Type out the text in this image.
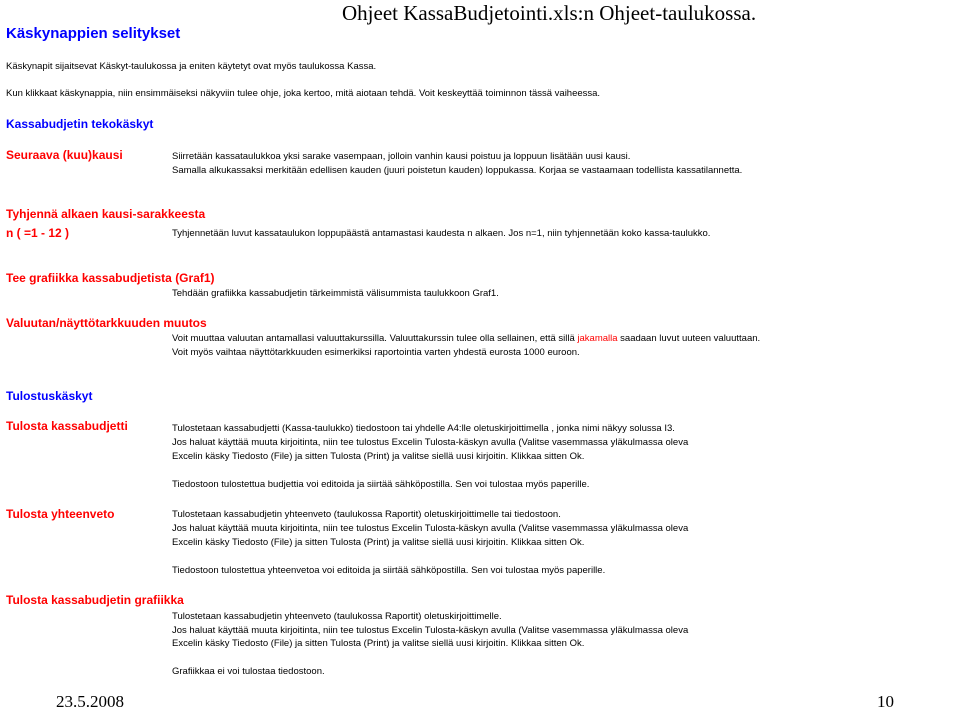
Käskynappien selitykset
Käskynapit sijaitsevat Käskyt-taulukossa ja eniten käytetyt ovat myös taulukossa Kassa.
Kun klikkaat käskynappia, niin ensimmäiseksi näkyviin tulee ohje, joka kertoo, mitä aiotaan tehdä. Voit keskeyttää toiminnon tässä vaiheessa.
Kassabudjetin tekokäskyt
Seuraava (kuu)kausi	Siirretään kassataulukkoa yksi sarake vasempaan, jolloin vanhin kausi poistuu ja loppuun lisätään uusi kausi.
Samalla alkukassaksi merkitään edellisen kauden (juuri poistetun kauden) loppukassa. Korjaa se vastaamaan todellista kassatilannetta.
Tyhjennä alkaen kausi-sarakkeesta
n ( =1 - 12 )	Tyhjennetään luvut kassataulukon loppupäästä antamastasi kaudesta n alkaen. Jos n=1, niin tyhjennetään koko kassa-taulukko.
Tee grafiikka kassabudjetista (Graf1)
Tehdään grafiikka kassabudjetin tärkeimmistä välisummista taulukkoon Graf1.
Valuutan/näyttötarkkuuden muutos
Voit muuttaa valuutan antamallasi valuuttakurssilla. Valuuttakurssin tulee olla sellainen, että sillä jakamalla saadaan luvut uuteen valuuttaan.
Voit myös vaihtaa näyttötarkkuuden esimerkiksi raportointia varten yhdestä eurosta 1000 euroon.
Tulostuskäskyt
Tulosta kassabudjetti	Tulostetaan kassabudjetti (Kassa-taulukko) tiedostoon tai yhdelle A4:lle oletuskirjoittimella , jonka nimi näkyy solussa I3.
Jos haluat käyttää muuta kirjoitinta, niin tee tulostus Excelin Tulosta-käskyn avulla (Valitse vasemmassa yläkulmassa oleva
Excelin käsky Tiedosto (File) ja sitten Tulosta (Print) ja valitse siellä uusi kirjoitin. Klikkaa sitten Ok.
Tiedostoon tulostettua budjettia voi editoida ja siirtää sähköpostilla. Sen voi tulostaa myös paperille.
Tulosta yhteenveto	Tulostetaan kassabudjetin yhteenveto (taulukossa Raportit) oletuskirjoittimelle tai tiedostoon.
Jos haluat käyttää muuta kirjoitinta, niin tee tulostus Excelin Tulosta-käskyn avulla (Valitse vasemmassa yläkulmassa oleva
Excelin käsky Tiedosto (File) ja sitten Tulosta (Print) ja valitse siellä uusi kirjoitin. Klikkaa sitten Ok.
Tiedostoon tulostettua yhteenvetoa voi editoida ja siirtää sähköpostilla. Sen voi tulostaa myös paperille.
Tulosta kassabudjetin grafiikka
Tulostetaan kassabudjetin yhteenveto (taulukossa Raportit) oletuskirjoittimelle.
Jos haluat käyttää muuta kirjoitinta, niin tee tulostus Excelin Tulosta-käskyn avulla (Valitse vasemmassa yläkulmassa oleva
Excelin käsky Tiedosto (File) ja sitten Tulosta (Print) ja valitse siellä uusi kirjoitin. Klikkaa sitten Ok.
Grafiikkaa ei voi tulostaa tiedostoon.
Ohjeet KassaBudjetointi.xls:n Ohjeet-taulukossa.
23.5.2008	10
